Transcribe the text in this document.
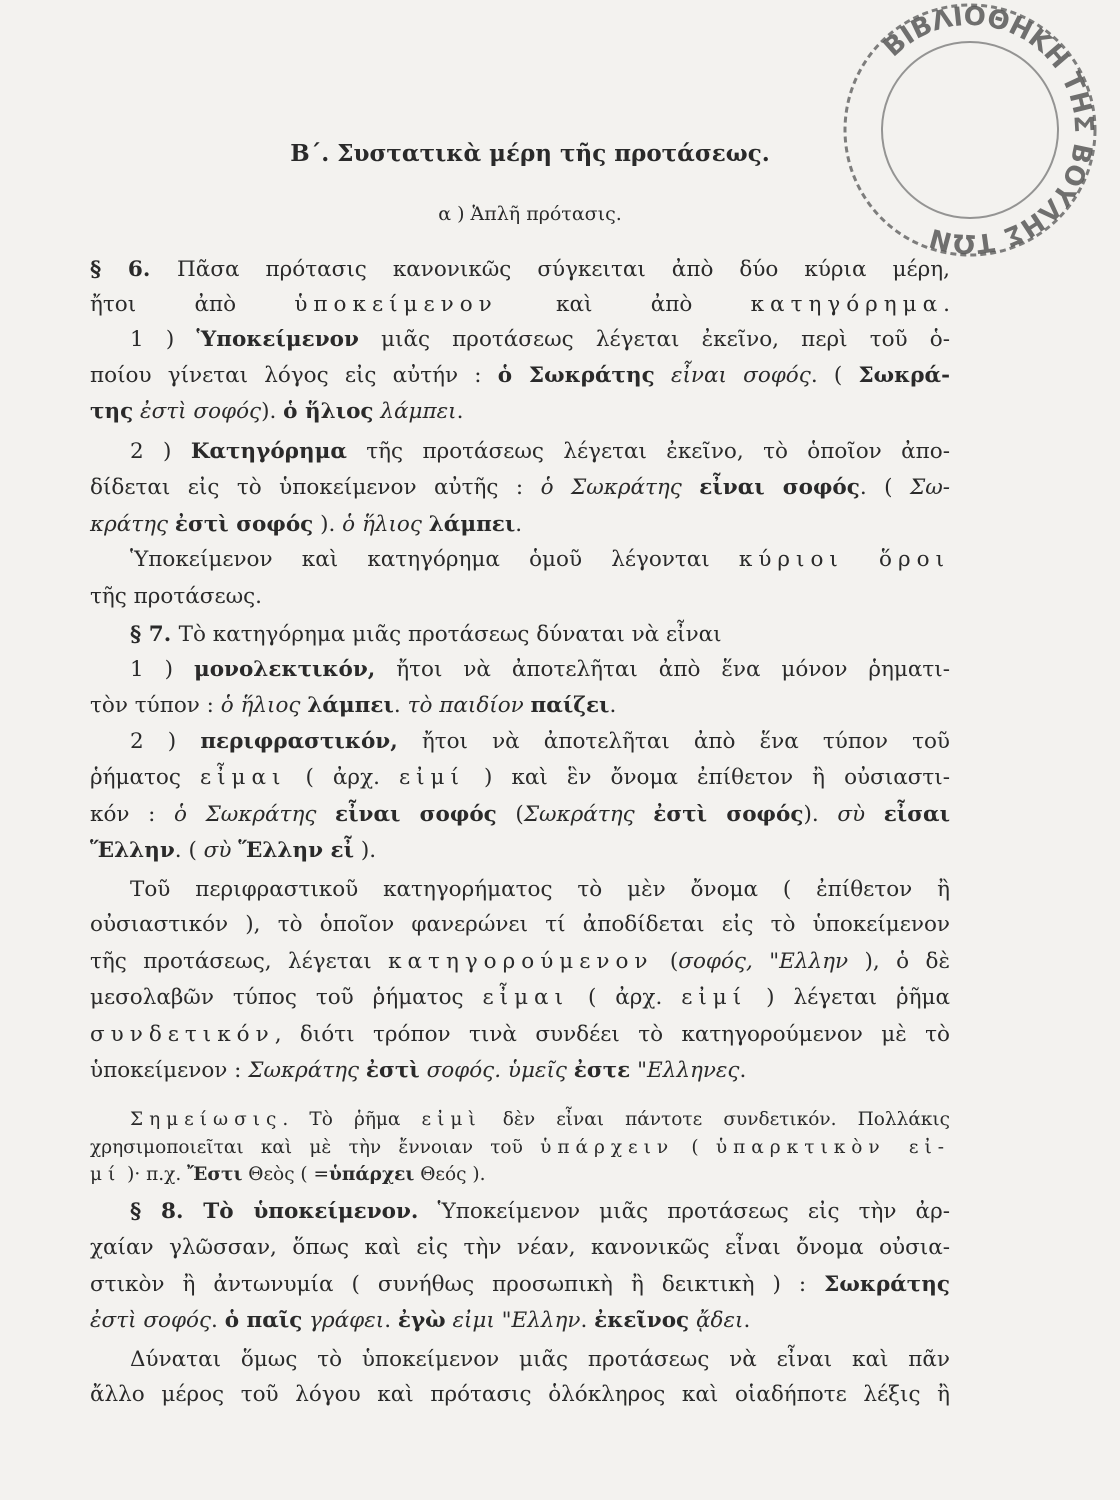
ΒΙΒΛΙΟΘΗΚΗ ΤΗΣ ΒΟΥΛΗΣ ΤΩΝ
Β΄. Συστατικὰ μέρη τῆς προτάσεως.
α ) Ἁπλῆ πρότασις.
§ 6. Πᾶσα πρότασις κανονικῶς σύγκειται ἀπὸ δύο κύρια μέρη,
ἤτοι ἀπὸ ὑποκείμενον καὶ ἀπὸ κατηγόρημα.
1 ) Ὑποκείμενον μιᾶς προτάσεως λέγεται ἐκεῖνο, περὶ τοῦ ὁ-
ποίου γίνεται λόγος εἰς αὐτήν : ὁ Σωκράτης εἶναι σοφός. ( Σωκρά-
της ἐστὶ σοφός). ὁ ἥλιος λάμπει.
2 ) Κατηγόρημα τῆς προτάσεως λέγεται ἐκεῖνο, τὸ ὁποῖον ἀπο-
δίδεται εἰς τὸ ὑποκείμενον αὐτῆς : ὁ Σωκράτης εἶναι σοφός. ( Σω-
κράτης ἐστὶ σοφός ). ὁ ἥλιος λάμπει.
Ὑποκείμενον καὶ κατηγόρημα ὁμοῦ λέγονται κύριοι ὅροι
τῆς προτάσεως.
§ 7. Τὸ κατηγόρημα μιᾶς προτάσεως δύναται νὰ εἶναι
1 ) μονολεκτικόν, ἤτοι νὰ ἀποτελῆται ἀπὸ ἕνα μόνον ῥηματι-
τὸν τύπον : ὁ ἥλιος λάμπει. τὸ παιδίον παίζει.
2 ) περιφραστικόν, ἤτοι νὰ ἀποτελῆται ἀπὸ ἕνα τύπον τοῦ
ῥήματος εἶμαι ( ἀρχ. εἰμί ) καὶ ἓν ὄνομα ἐπίθετον ἢ οὐσιαστι-
κόν : ὁ Σωκράτης εἶναι σοφός (Σωκράτης ἐστὶ σοφός). σὺ εἶσαι
Ἕλλην. ( σὺ Ἕλλην εἶ ).
Τοῦ περιφραστικοῦ κατηγορήματος τὸ μὲν ὄνομα ( ἐπίθετον ἢ
οὐσιαστικόν ), τὸ ὁποῖον φανερώνει τί ἀποδίδεται εἰς τὸ ὑποκείμενον
τῆς προτάσεως, λέγεται κατηγορούμενον (σοφός, "Ελλην ), ὁ δὲ
μεσολαβῶν τύπος τοῦ ῥήματος εἶμαι ( ἀρχ. εἰμί ) λέγεται ῥῆμα
συνδετικόν, διότι τρόπον τινὰ συνδέει τὸ κατηγορούμενον μὲ τὸ
ὑποκείμενον : Σωκράτης ἐστὶ σοφός. ὑμεῖς ἐστε "Ελληνες.
Σημείωσις. Τὸ ῥῆμα εἰμὶ δὲν εἶναι πάντοτε συνδετικόν. Πολλάκις
χρησιμοποιεῖται καὶ μὲ τὴν ἔννοιαν τοῦ ὑπάρχειν ( ὑπαρκτικὸν εἰ-
μί )· π.χ. Ἔστι Θεὸς ( =ὑπάρχει Θεός ).
§ 8. Τὸ ὑποκείμενον. Ὑποκείμενον μιᾶς προτάσεως εἰς τὴν ἀρ-
χαίαν γλῶσσαν, ὅπως καὶ εἰς τὴν νέαν, κανονικῶς εἶναι ὄνομα οὐσια-
στικὸν ἢ ἀντωνυμία ( συνήθως προσωπικὴ ἢ δεικτικὴ ) : Σωκράτης
ἐστὶ σοφός. ὁ παῖς γράφει. ἐγὼ εἰμι "Ελλην. ἐκεῖνος ᾄδει.
Δύναται ὅμως τὸ ὑποκείμενον μιᾶς προτάσεως νὰ εἶναι καὶ πᾶν
ἄλλο μέρος τοῦ λόγου καὶ πρότασις ὁλόκληρος καὶ οἱαδήποτε λέξις ἢ
